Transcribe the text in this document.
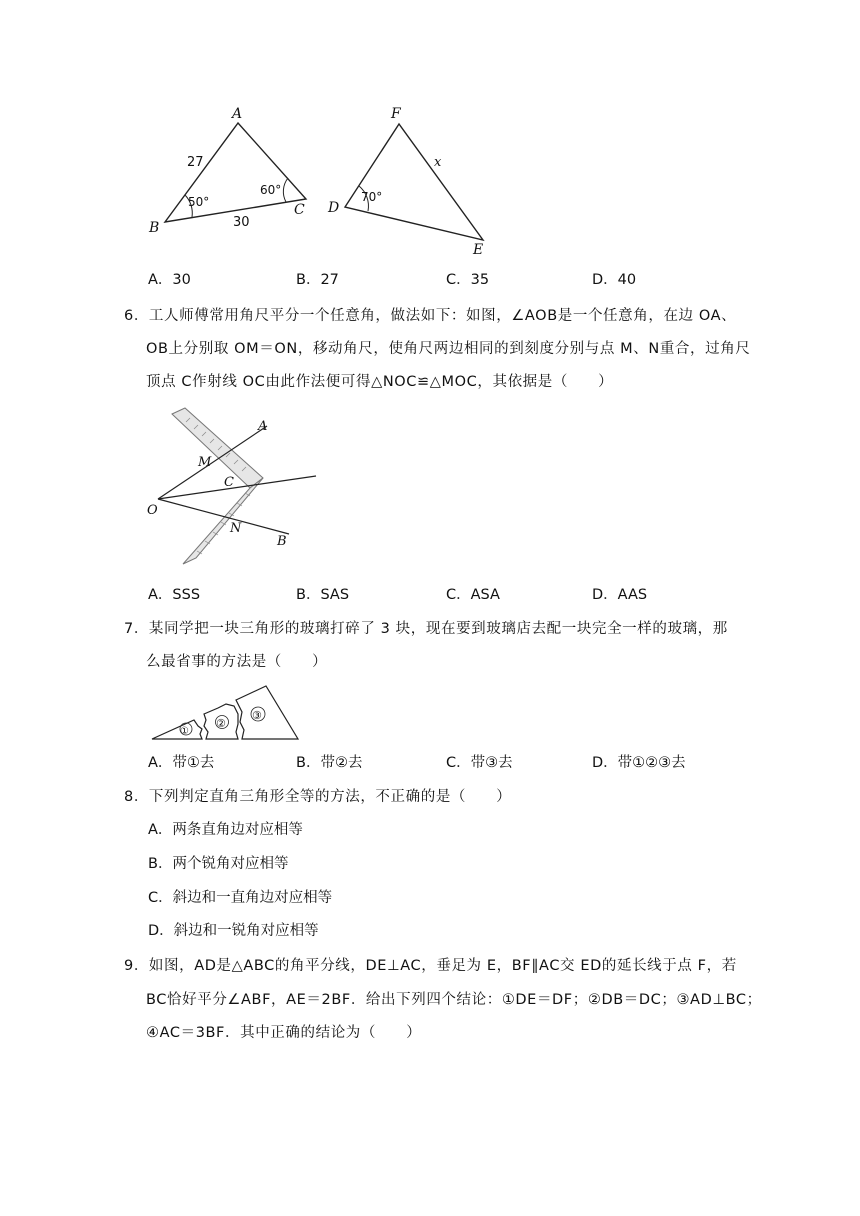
A
B
C
27
30
50°
60°
F
D
E
x
70°
A．30	B．27	C．35	D．40
6．工人师傅常用角尺平分一个任意角，做法如下：如图，∠AOB是一个任意角，在边 OA、
OB上分别取 OM＝ON，移动角尺，使角尺两边相同的到刻度分别与点 M、N重合，过角尺
顶点 C作射线 OC由此作法便可得△NOC≌△MOC，其依据是（　　）
A
M
C
O
N
B
A．SSS	B．SAS	C．ASA	D．AAS
7．某同学把一块三角形的玻璃打碎了 3 块，现在要到玻璃店去配一块完全一样的玻璃，那
么最省事的方法是（　　）
①
②
③
A．带①去	B．带②去	C．带③去	D．带①②③去
8．下列判定直角三角形全等的方法，不正确的是（　　）
A．两条直角边对应相等
B．两个锐角对应相等
C．斜边和一直角边对应相等
D．斜边和一锐角对应相等
9．如图，AD是△ABC的角平分线，DE⊥AC，垂足为 E，BF∥AC交 ED的延长线于点 F，若
BC恰好平分∠ABF，AE＝2BF．给出下列四个结论：①DE＝DF；②DB＝DC；③AD⊥BC；
④AC＝3BF．其中正确的结论为（　　）
